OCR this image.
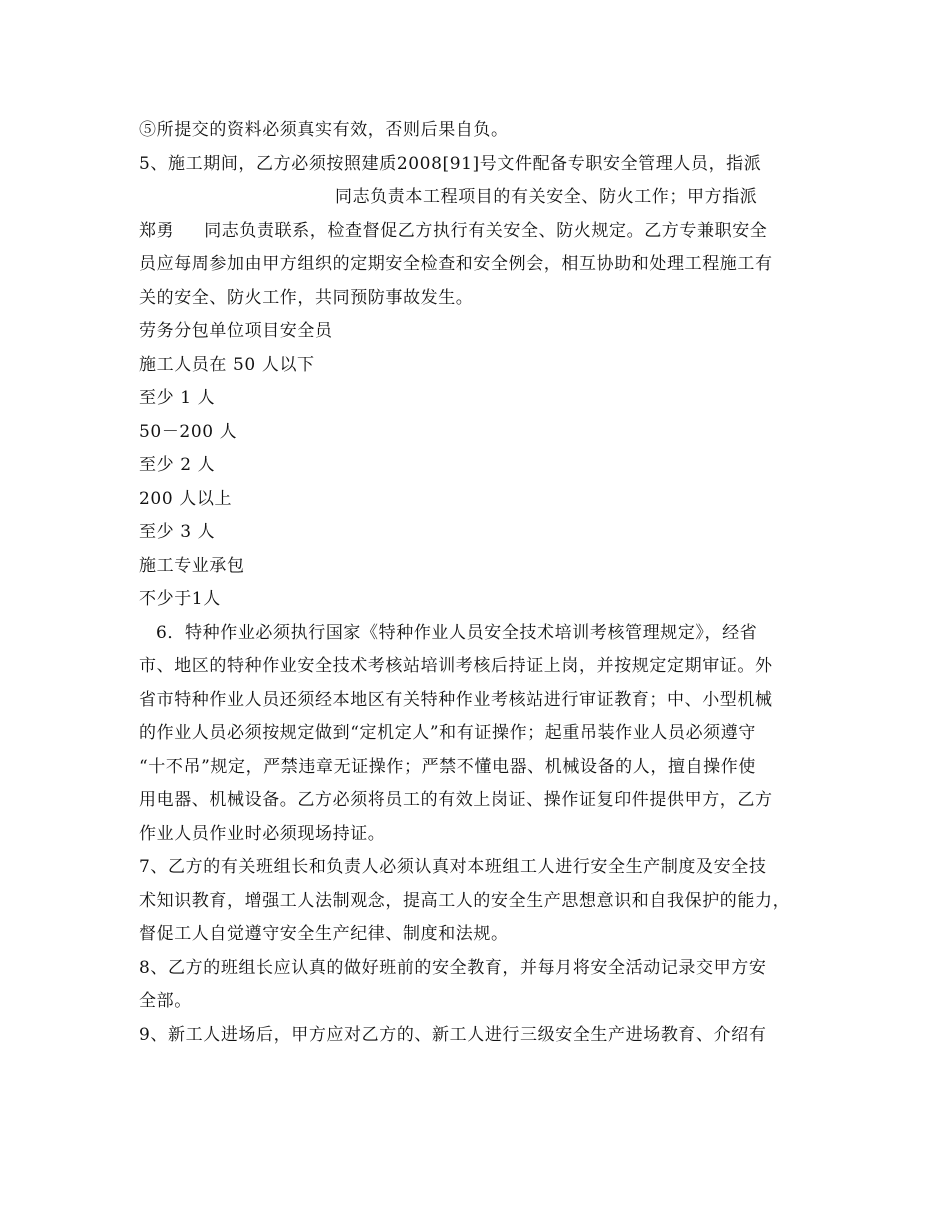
⑤所提交的资料必须真实有效，否则后果自负。
5、施工期间，乙方必须按照建质2008[91]号文件配备专职安全管理人员，指派
同志负责本工程项目的有关安全、防火工作；甲方指派
郑勇 同志负责联系，检查督促乙方执行有关安全、防火规定。乙方专兼职安全
员应每周参加由甲方组织的定期安全检查和安全例会，相互协助和处理工程施工有
关的安全、防火工作，共同预防事故发生。
劳务分包单位项目安全员
施工人员在 50 人以下
至少 1 人
50－200 人
至少 2 人
200 人以上
至少 3 人
施工专业承包
不少于1人
6．特种作业必须执行国家《特种作业人员安全技术培训考核管理规定》，经省
市、地区的特种作业安全技术考核站培训考核后持证上岗，并按规定定期审证。外
省市特种作业人员还须经本地区有关特种作业考核站进行审证教育；中、小型机械
的作业人员必须按规定做到“定机定人”和有证操作；起重吊装作业人员必须遵守
“十不吊”规定，严禁违章无证操作；严禁不懂电器、机械设备的人，擅自操作使
用电器、机械设备。乙方必须将员工的有效上岗证、操作证复印件提供甲方，乙方
作业人员作业时必须现场持证。
7、乙方的有关班组长和负责人必须认真对本班组工人进行安全生产制度及安全技
术知识教育，增强工人法制观念，提高工人的安全生产思想意识和自我保护的能力，
督促工人自觉遵守安全生产纪律、制度和法规。
8、乙方的班组长应认真的做好班前的安全教育，并每月将安全活动记录交甲方安
全部。
9、新工人进场后，甲方应对乙方的、新工人进行三级安全生产进场教育、介绍有
